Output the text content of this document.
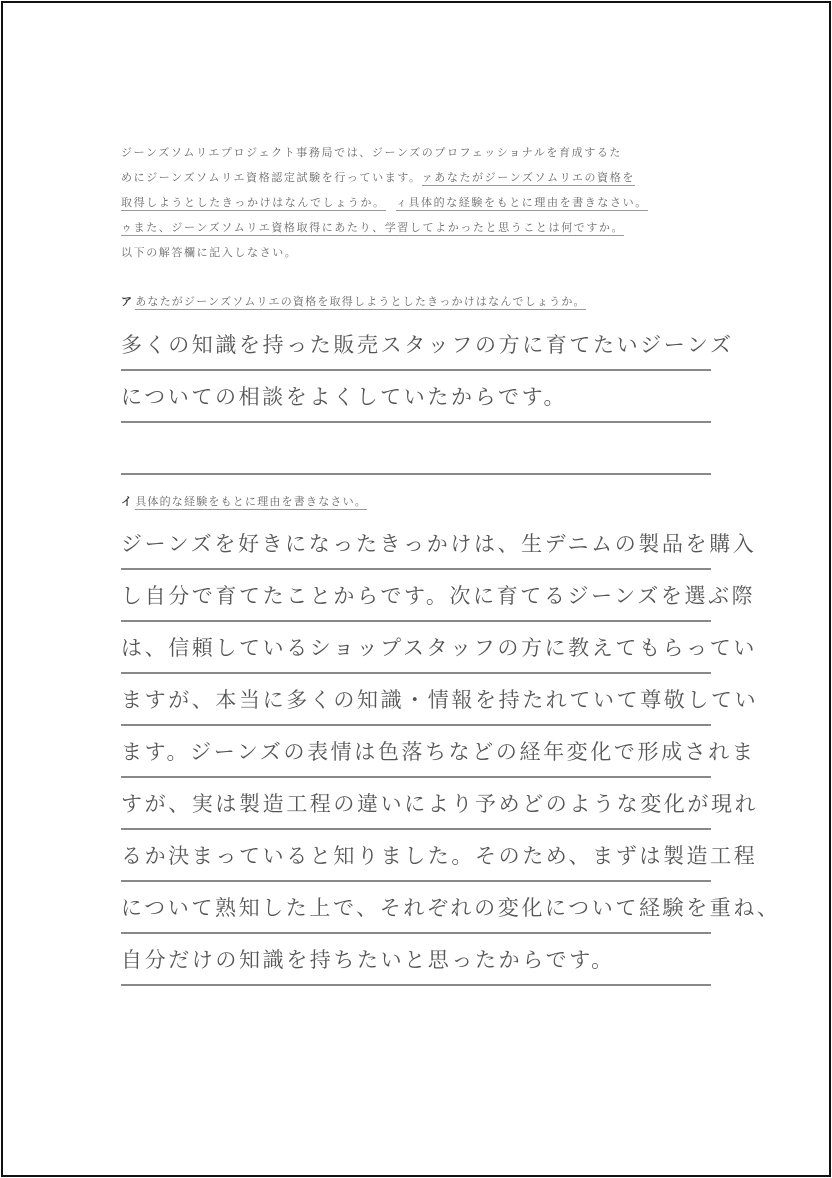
ジーンズソムリエプロジェクト事務局では、ジーンズのプロフェッショナルを育成するた
めにジーンズソムリエ資格認定試験を行っています。ァあなたがジーンズソムリエの資格を
取得しようとしたきっかけはなんでしょうか。 ィ具体的な経験をもとに理由を書きなさい。
ゥまた、ジーンズソムリエ資格取得にあたり、学習してよかったと思うことは何ですか。
以下の解答欄に記入しなさい。
ア あなたがジーンズソムリエの資格を取得しようとしたきっかけはなんでしょうか。
多くの知識を持った販売スタッフの方に育てたいジーンズ
についての相談をよくしていたからです。
イ 具体的な経験をもとに理由を書きなさい。
ジーンズを好きになったきっかけは、生デニムの製品を購入
し自分で育てたことからです。次に育てるジーンズを選ぶ際
は、信頼しているショップスタッフの方に教えてもらってい
ますが、本当に多くの知識・情報を持たれていて尊敬してい
ます。ジーンズの表情は色落ちなどの経年変化で形成されま
すが、実は製造工程の違いにより予めどのような変化が現れ
るか決まっていると知りました。そのため、まずは製造工程
について熟知した上で、それぞれの変化について経験を重ね、
自分だけの知識を持ちたいと思ったからです。
